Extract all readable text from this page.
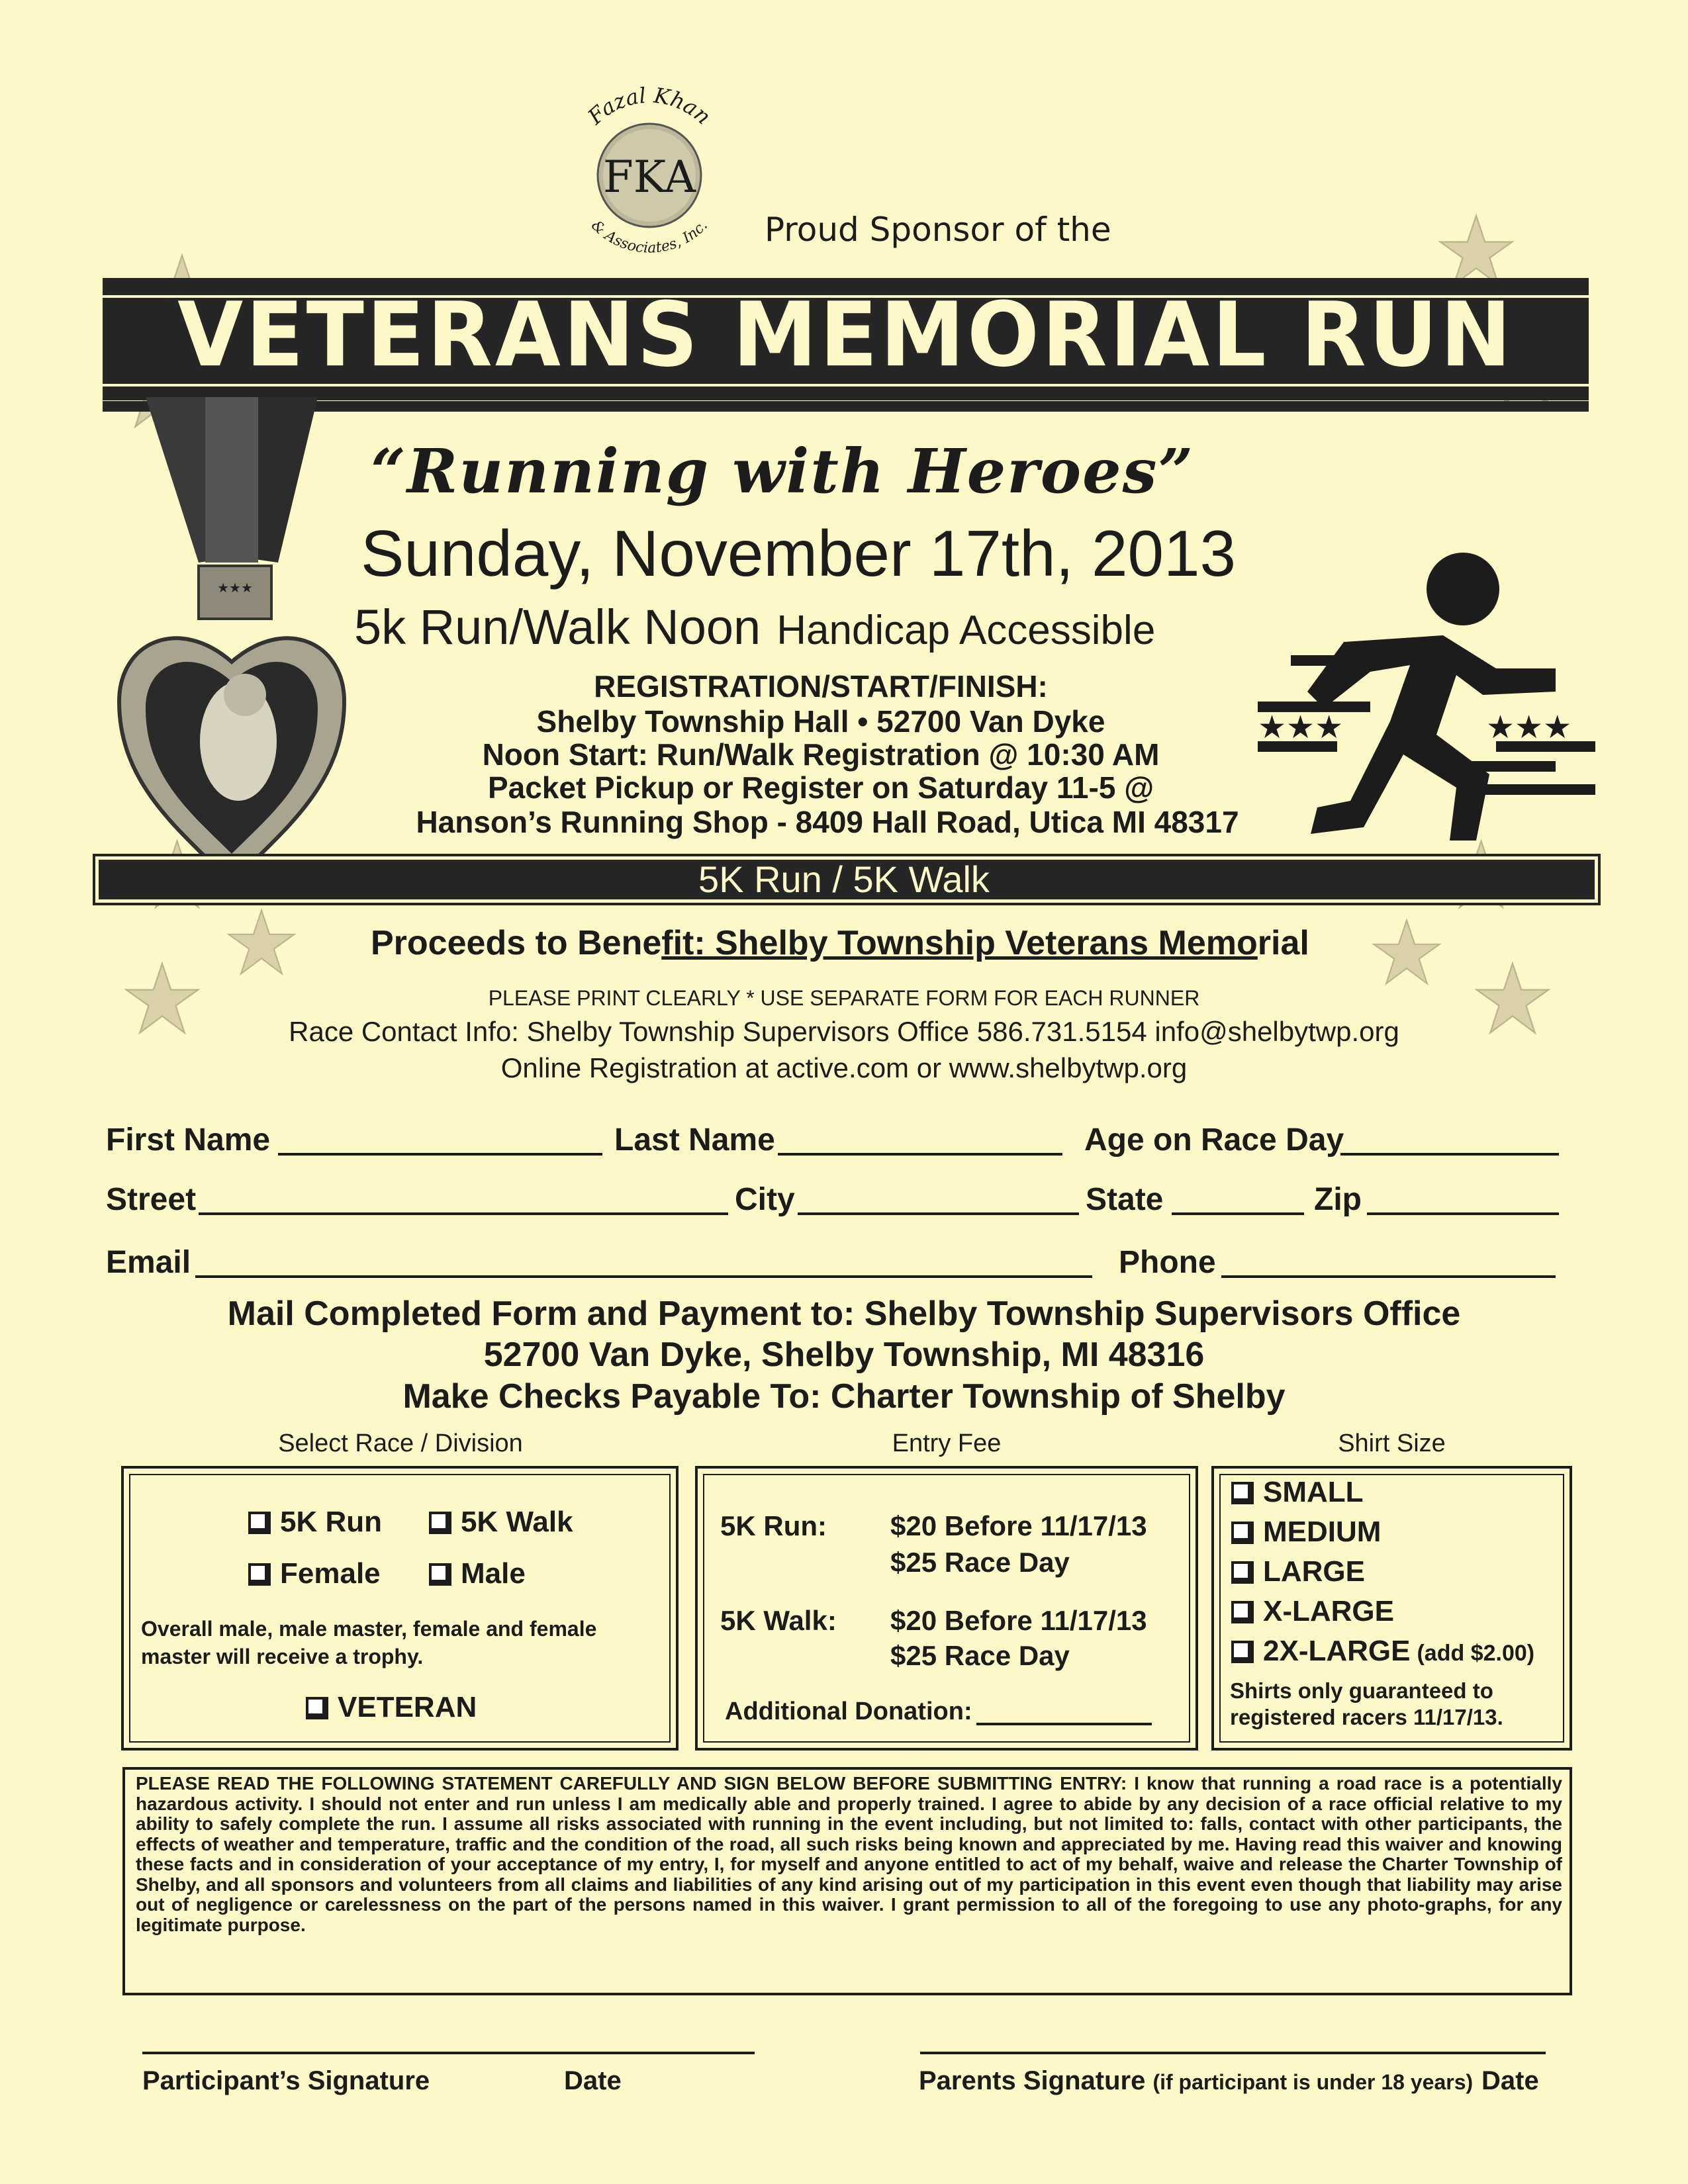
FKA
Fazal Khan
& Associates, Inc. Proud Sponsor of the
VETERANS MEMORIAL RUN
★★★
“Running with Heroes”
Sunday, November 17th, 2013
5k Run/Walk Noon Handicap Accessible
REGISTRATION/START/FINISH:
Shelby Township Hall • 52700 Van Dyke
Noon Start: Run/Walk Registration @ 10:30 AM
Packet Pickup or Register on Saturday 11-5 @
Hanson’s Running Shop - 8409 Hall Road, Utica MI 48317
★★★	★★★
5K Run / 5K Walk
Proceeds to Benefit: Shelby Township Veterans Memorial
PLEASE PRINT CLEARLY * USE SEPARATE FORM FOR EACH RUNNER
Race Contact Info: Shelby Township Supervisors Office 586.731.5154 info@shelbytwp.org
Online Registration at active.com or www.shelbytwp.org
First Name	Last Name	Age on Race Day
Street	City	State	Zip
Email	Phone
Mail Completed Form and Payment to: Shelby Township Supervisors Office
52700 Van Dyke, Shelby Township, MI 48316
Make Checks Payable To: Charter Township of Shelby
Select Race / Division	Entry Fee	Shirt Size
5K Run	5K Walk
Female	Male
Overall male, male master, female and female master will receive a trophy.
VETERAN
5K Run: $20 Before 11/17/13
$25 Race Day
5K Walk: $20 Before 11/17/13
$25 Race Day
Additional Donation:
SMALL
MEDIUM
LARGE
X-LARGE
2X-LARGE (add $2.00)
Shirts only guaranteed to registered racers 11/17/13.
PLEASE READ THE FOLLOWING STATEMENT CAREFULLY AND SIGN BELOW BEFORE SUBMITTING ENTRY: I know that running a road race is a potentially hazardous activity. I should not enter and run unless I am medically able and properly trained. I agree to abide by any decision of a race official relative to my ability to safely complete the run. I assume all risks associated with running in the event including, but not limited to: falls, contact with other participants, the effects of weather and temperature, traffic and the condition of the road, all such risks being known and appreciated by me. Having read this waiver and knowing these facts and in consideration of your acceptance of my entry, I, for myself and anyone entitled to act of my behalf, waive and release the Charter Township of Shelby, and all sponsors and volunteers from all claims and liabilities of any kind arising out of my participation in this event even though that liability may arise out of negligence or carelessness on the part of the persons named in this waiver. I grant permission to all of the foregoing to use any photo-graphs, for any legitimate purpose.
Participant’s Signature	Date	Parents Signature (if participant is under 18 years) Date
